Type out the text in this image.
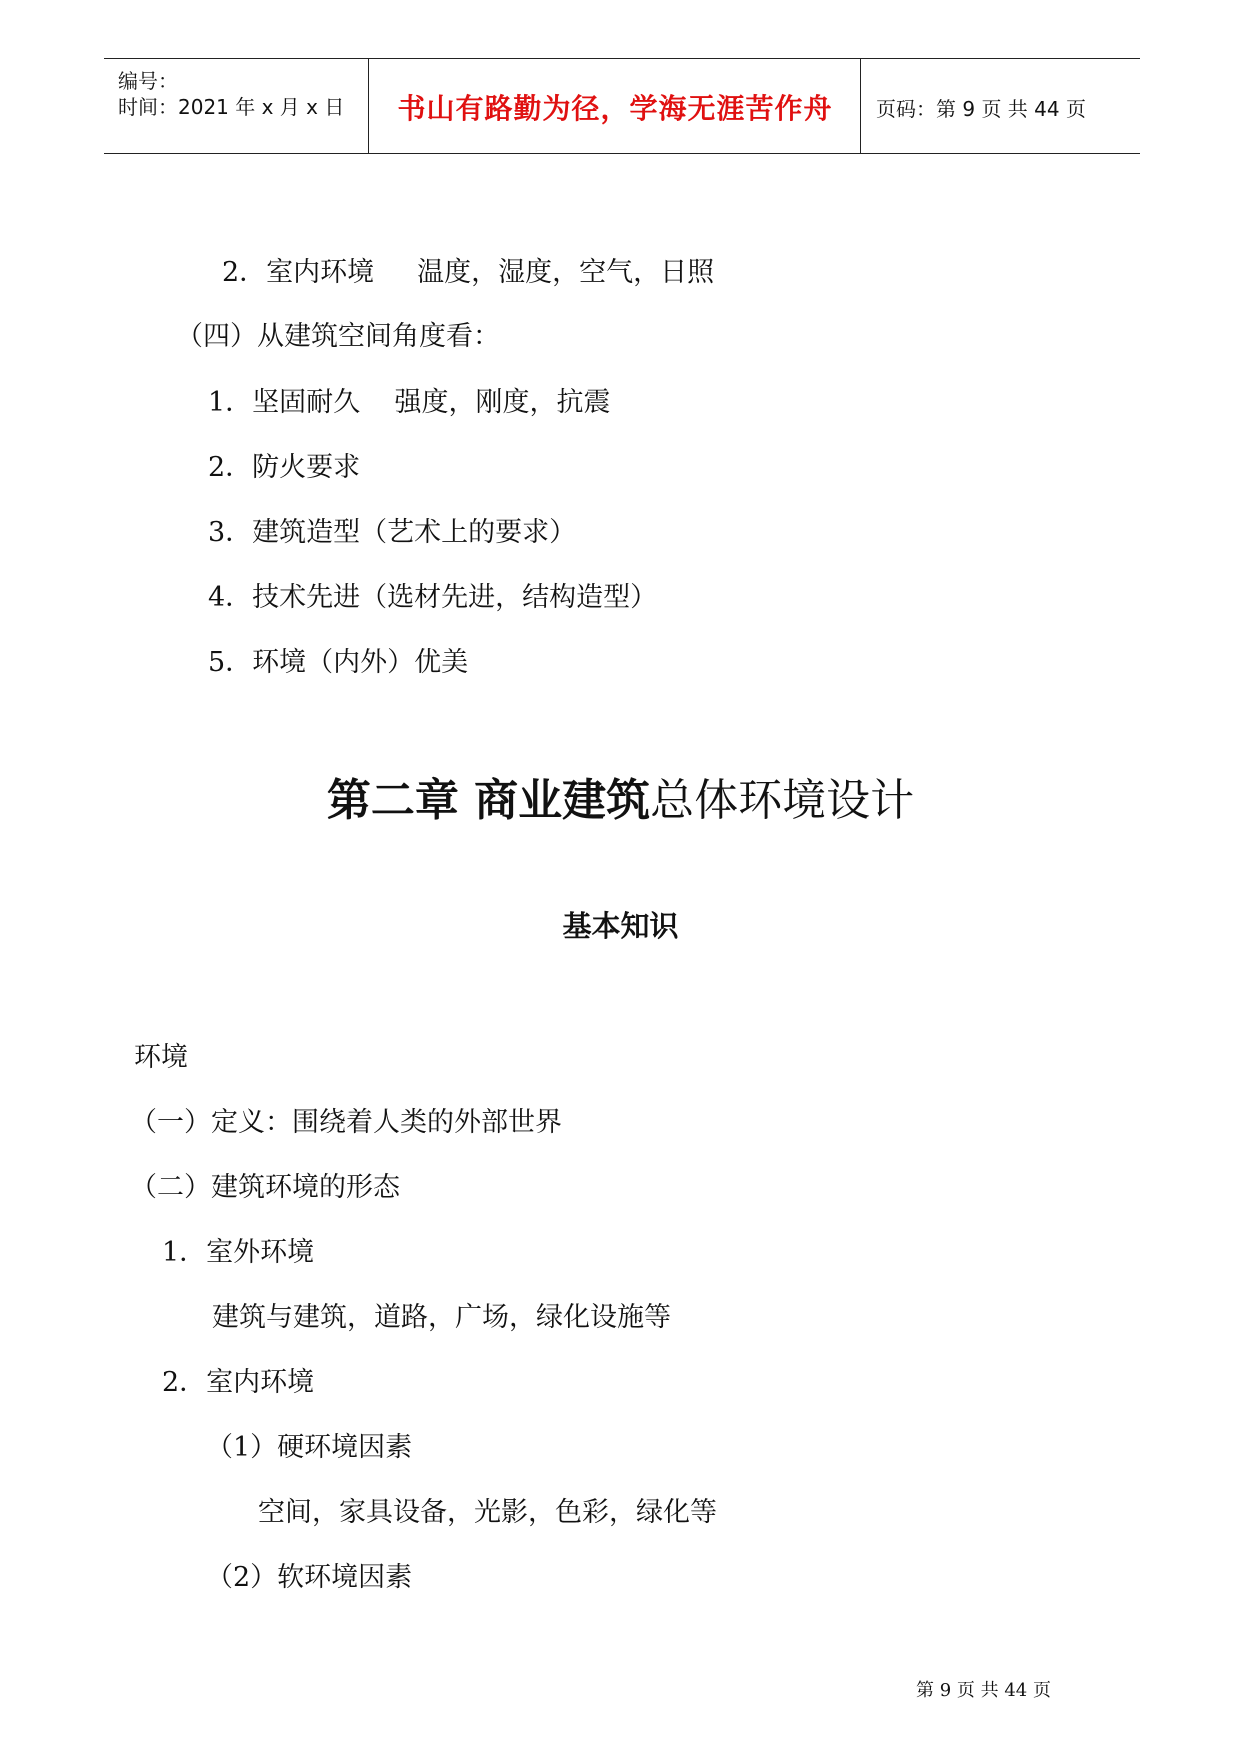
编号：
时间：2021 年 x 月 x 日	书山有路勤为径，学海无涯苦作舟	页码：第 9 页 共 44 页
2．室内环境     温度，湿度，空气，日照
（四）从建筑空间角度看：
1．坚固耐久    强度，刚度，抗震
2．防火要求
3．建筑造型（艺术上的要求）
4．技术先进（选材先进，结构造型）
5．环境（内外）优美
第二章 商业建筑总体环境设计
基本知识
环境
（一）定义：围绕着人类的外部世界
（二）建筑环境的形态
1．室外环境
建筑与建筑，道路，广场，绿化设施等
2．室内环境
（1）硬环境因素
空间，家具设备，光影，色彩，绿化等
（2）软环境因素
第 9 页 共 44 页
